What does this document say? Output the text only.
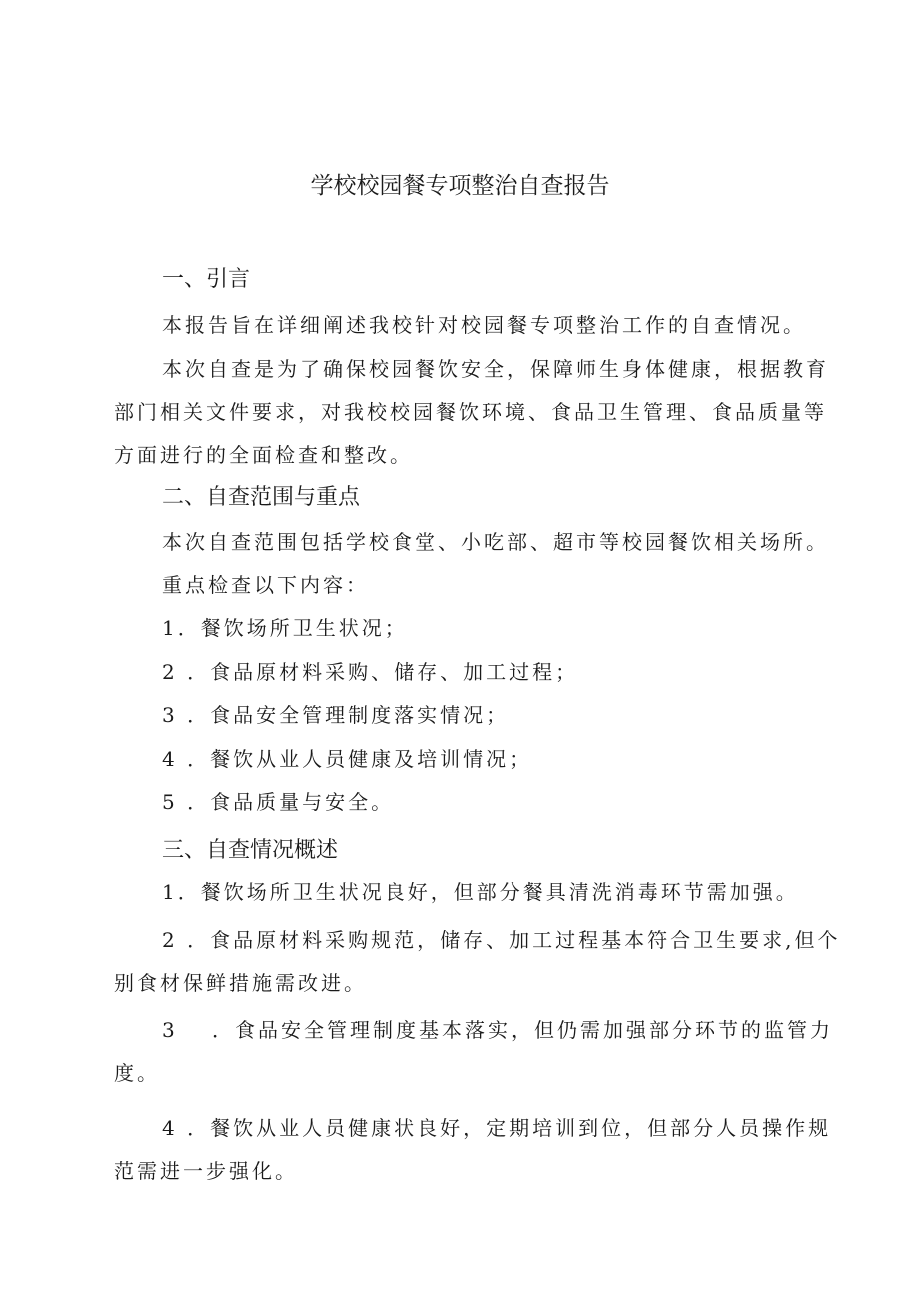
学校校园餐专项整治自查报告
一、引言
本报告旨在详细阐述我校针对校园餐专项整治工作的自查情况。
本次自查是为了确保校园餐饮安全，保障师生身体健康，根据教育
部门相关文件要求，对我校校园餐饮环境、食品卫生管理、食品质量等
方面进行的全面检查和整改。
二、自查范围与重点
本次自查范围包括学校食堂、小吃部、超市等校园餐饮相关场所。
重点检查以下内容：
1．餐饮场所卫生状况；
2 ．食品原材料采购、储存、加工过程；
3 ．食品安全管理制度落实情况；
4 ．餐饮从业人员健康及培训情况；
5 ．食品质量与安全。
三、自查情况概述
1．餐饮场所卫生状况良好，但部分餐具清洗消毒环节需加强。
2 ．食品原材料采购规范，储存、加工过程基本符合卫生要求,但个
别食材保鲜措施需改进。
3 ．食品安全管理制度基本落实，但仍需加强部分环节的监管力
度。
4 ．餐饮从业人员健康状良好，定期培训到位，但部分人员操作规
范需进一步强化。
